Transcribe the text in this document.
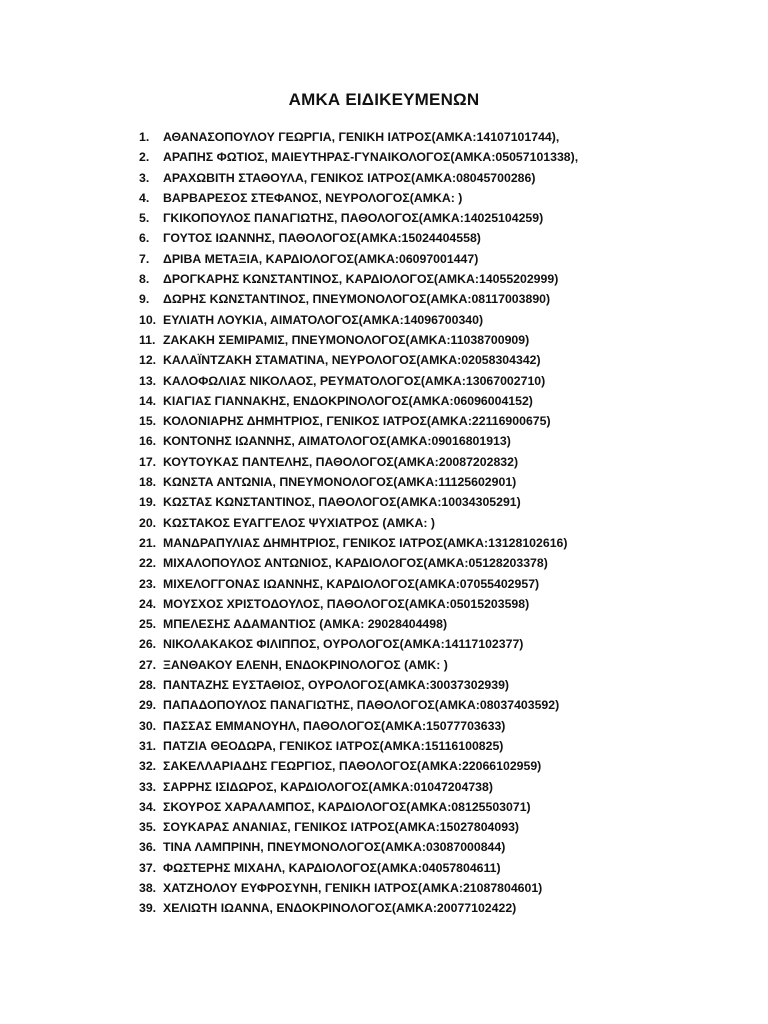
ΑΜΚΑ ΕΙΔΙΚΕΥΜΕΝΩΝ
1. ΑΘΑΝΑΣΟΠΟΥΛΟΥ ΓΕΩΡΓΙΑ, ΓΕΝΙΚΗ ΙΑΤΡΟΣ(ΑΜΚΑ:14107101744),
2. ΑΡΑΠΗΣ ΦΩΤΙΟΣ, ΜΑΙΕΥΤΗΡΑΣ-ΓΥΝΑΙΚΟΛΟΓΟΣ(ΑΜΚΑ:05057101338),
3. ΑΡΑΧΩΒΙΤΗ ΣΤΑΘΟΥΛΑ, ΓΕΝΙΚΟΣ ΙΑΤΡΟΣ(ΑΜΚΑ:08045700286)
4. ΒΑΡΒΑΡΕΣΟΣ ΣΤΕΦΑΝΟΣ, ΝΕΥΡΟΛΟΓΟΣ(ΑΜΚΑ: )
5. ΓΚΙΚΟΠΟΥΛΟΣ ΠΑΝΑΓΙΩΤΗΣ, ΠΑΘΟΛΟΓΟΣ(ΑΜΚΑ:14025104259)
6. ΓΟΥΤΟΣ ΙΩΑΝΝΗΣ, ΠΑΘΟΛΟΓΟΣ(ΑΜΚΑ:15024404558)
7. ΔΡΙΒΑ ΜΕΤΑΞΙΑ, ΚΑΡΔΙΟΛΟΓΟΣ(ΑΜΚΑ:06097001447)
8. ΔΡΟΓΚΑΡΗΣ ΚΩΝΣΤΑΝΤΙΝΟΣ, ΚΑΡΔΙΟΛΟΓΟΣ(ΑΜΚΑ:14055202999)
9. ΔΩΡΗΣ ΚΩΝΣΤΑΝΤΙΝΟΣ, ΠΝΕΥΜΟΝΟΛΟΓΟΣ(ΑΜΚΑ:08117003890)
10. ΕΥΛΙΑΤΗ ΛΟΥΚΙΑ, ΑΙΜΑΤΟΛΟΓΟΣ(ΑΜΚΑ:14096700340)
11. ΖΑΚΑΚΗ ΣΕΜΙΡΑΜΙΣ, ΠΝΕΥΜΟΝΟΛΟΓΟΣ(ΑΜΚΑ:11038700909)
12. ΚΑΛΑΪΝΤΖΑΚΗ ΣΤΑΜΑΤΙΝΑ, ΝΕΥΡΟΛΟΓΟΣ(ΑΜΚΑ:02058304342)
13. ΚΑΛΟΦΩΛΙΑΣ ΝΙΚΟΛΑΟΣ, ΡΕΥΜΑΤΟΛΟΓΟΣ(ΑΜΚΑ:13067002710)
14. ΚΙΑΓΙΑΣ ΓΙΑΝΝΑΚΗΣ, ΕΝΔΟΚΡΙΝΟΛΟΓΟΣ(ΑΜΚΑ:06096004152)
15. ΚΟΛΟΝΙΑΡΗΣ ΔΗΜΗΤΡΙΟΣ, ΓΕΝΙΚΟΣ ΙΑΤΡΟΣ(ΑΜΚΑ:22116900675)
16. ΚΟΝΤΟΝΗΣ ΙΩΑΝΝΗΣ, ΑΙΜΑΤΟΛΟΓΟΣ(ΑΜΚΑ:09016801913)
17. ΚΟΥΤΟΥΚΑΣ ΠΑΝΤΕΛΗΣ, ΠΑΘΟΛΟΓΟΣ(ΑΜΚΑ:20087202832)
18. ΚΩΝΣΤΑ ΑΝΤΩΝΙΑ, ΠΝΕΥΜΟΝΟΛΟΓΟΣ(ΑΜΚΑ:11125602901)
19. ΚΩΣΤΑΣ ΚΩΝΣΤΑΝΤΙΝΟΣ, ΠΑΘΟΛΟΓΟΣ(ΑΜΚΑ:10034305291)
20. ΚΩΣΤΑΚΟΣ ΕΥΑΓΓΕΛΟΣ ΨΥΧΙΑΤΡΟΣ (ΑΜΚΑ: )
21. ΜΑΝΔΡΑΠΥΛΙΑΣ ΔΗΜΗΤΡΙΟΣ, ΓΕΝΙΚΟΣ ΙΑΤΡΟΣ(ΑΜΚΑ:13128102616)
22. ΜΙΧΑΛΟΠΟΥΛΟΣ ΑΝΤΩΝΙΟΣ, ΚΑΡΔΙΟΛΟΓΟΣ(ΑΜΚΑ:05128203378)
23. ΜΙΧΕΛΟΓΓΟΝΑΣ ΙΩΑΝΝΗΣ, ΚΑΡΔΙΟΛΟΓΟΣ(ΑΜΚΑ:07055402957)
24. ΜΟΥΣΧΟΣ ΧΡΙΣΤΟΔΟΥΛΟΣ, ΠΑΘΟΛΟΓΟΣ(ΑΜΚΑ:05015203598)
25. ΜΠΕΛΕΣΗΣ ΑΔΑΜΑΝΤΙΟΣ (ΑΜΚΑ: 29028404498)
26. ΝΙΚΟΛΑΚΑΚΟΣ ΦΙΛΙΠΠΟΣ, ΟΥΡΟΛΟΓΟΣ(ΑΜΚΑ:14117102377)
27. ΞΑΝΘΑΚΟΥ ΕΛΕΝΗ, ΕΝΔΟΚΡΙΝΟΛΟΓΟΣ (ΑΜΚ: )
28. ΠΑΝΤΑΖΗΣ ΕΥΣΤΑΘΙΟΣ, ΟΥΡΟΛΟΓΟΣ(ΑΜΚΑ:30037302939)
29. ΠΑΠΑΔΟΠΟΥΛΟΣ ΠΑΝΑΓΙΩΤΗΣ, ΠΑΘΟΛΟΓΟΣ(ΑΜΚΑ:08037403592)
30. ΠΑΣΣΑΣ ΕΜΜΑΝΟΥΗΛ, ΠΑΘΟΛΟΓΟΣ(ΑΜΚΑ:15077703633)
31. ΠΑΤΖΙΑ ΘΕΟΔΩΡΑ, ΓΕΝΙΚΟΣ ΙΑΤΡΟΣ(ΑΜΚΑ:15116100825)
32. ΣΑΚΕΛΛΑΡΙΑΔΗΣ ΓΕΩΡΓΙΟΣ, ΠΑΘΟΛΟΓΟΣ(ΑΜΚΑ:22066102959)
33. ΣΑΡΡΗΣ ΙΣΙΔΩΡΟΣ, ΚΑΡΔΙΟΛΟΓΟΣ(ΑΜΚΑ:01047204738)
34. ΣΚΟΥΡΟΣ ΧΑΡΑΛΑΜΠΟΣ, ΚΑΡΔΙΟΛΟΓΟΣ(ΑΜΚΑ:08125503071)
35. ΣΟΥΚΑΡΑΣ ΑΝΑΝΙΑΣ, ΓΕΝΙΚΟΣ ΙΑΤΡΟΣ(ΑΜΚΑ:15027804093)
36. ΤΙΝΑ ΛΑΜΠΡΙΝΗ, ΠΝΕΥΜΟΝΟΛΟΓΟΣ(ΑΜΚΑ:03087000844)
37. ΦΩΣΤΕΡΗΣ ΜΙΧΑΗΛ, ΚΑΡΔΙΟΛΟΓΟΣ(ΑΜΚΑ:04057804611)
38. ΧΑΤΖΗΟΛΟΥ ΕΥΦΡΟΣΥΝΗ, ΓΕΝΙΚΗ ΙΑΤΡΟΣ(ΑΜΚΑ:21087804601)
39. ΧΕΛΙΩΤΗ ΙΩΑΝΝΑ, ΕΝΔΟΚΡΙΝΟΛΟΓΟΣ(ΑΜΚΑ:20077102422)
